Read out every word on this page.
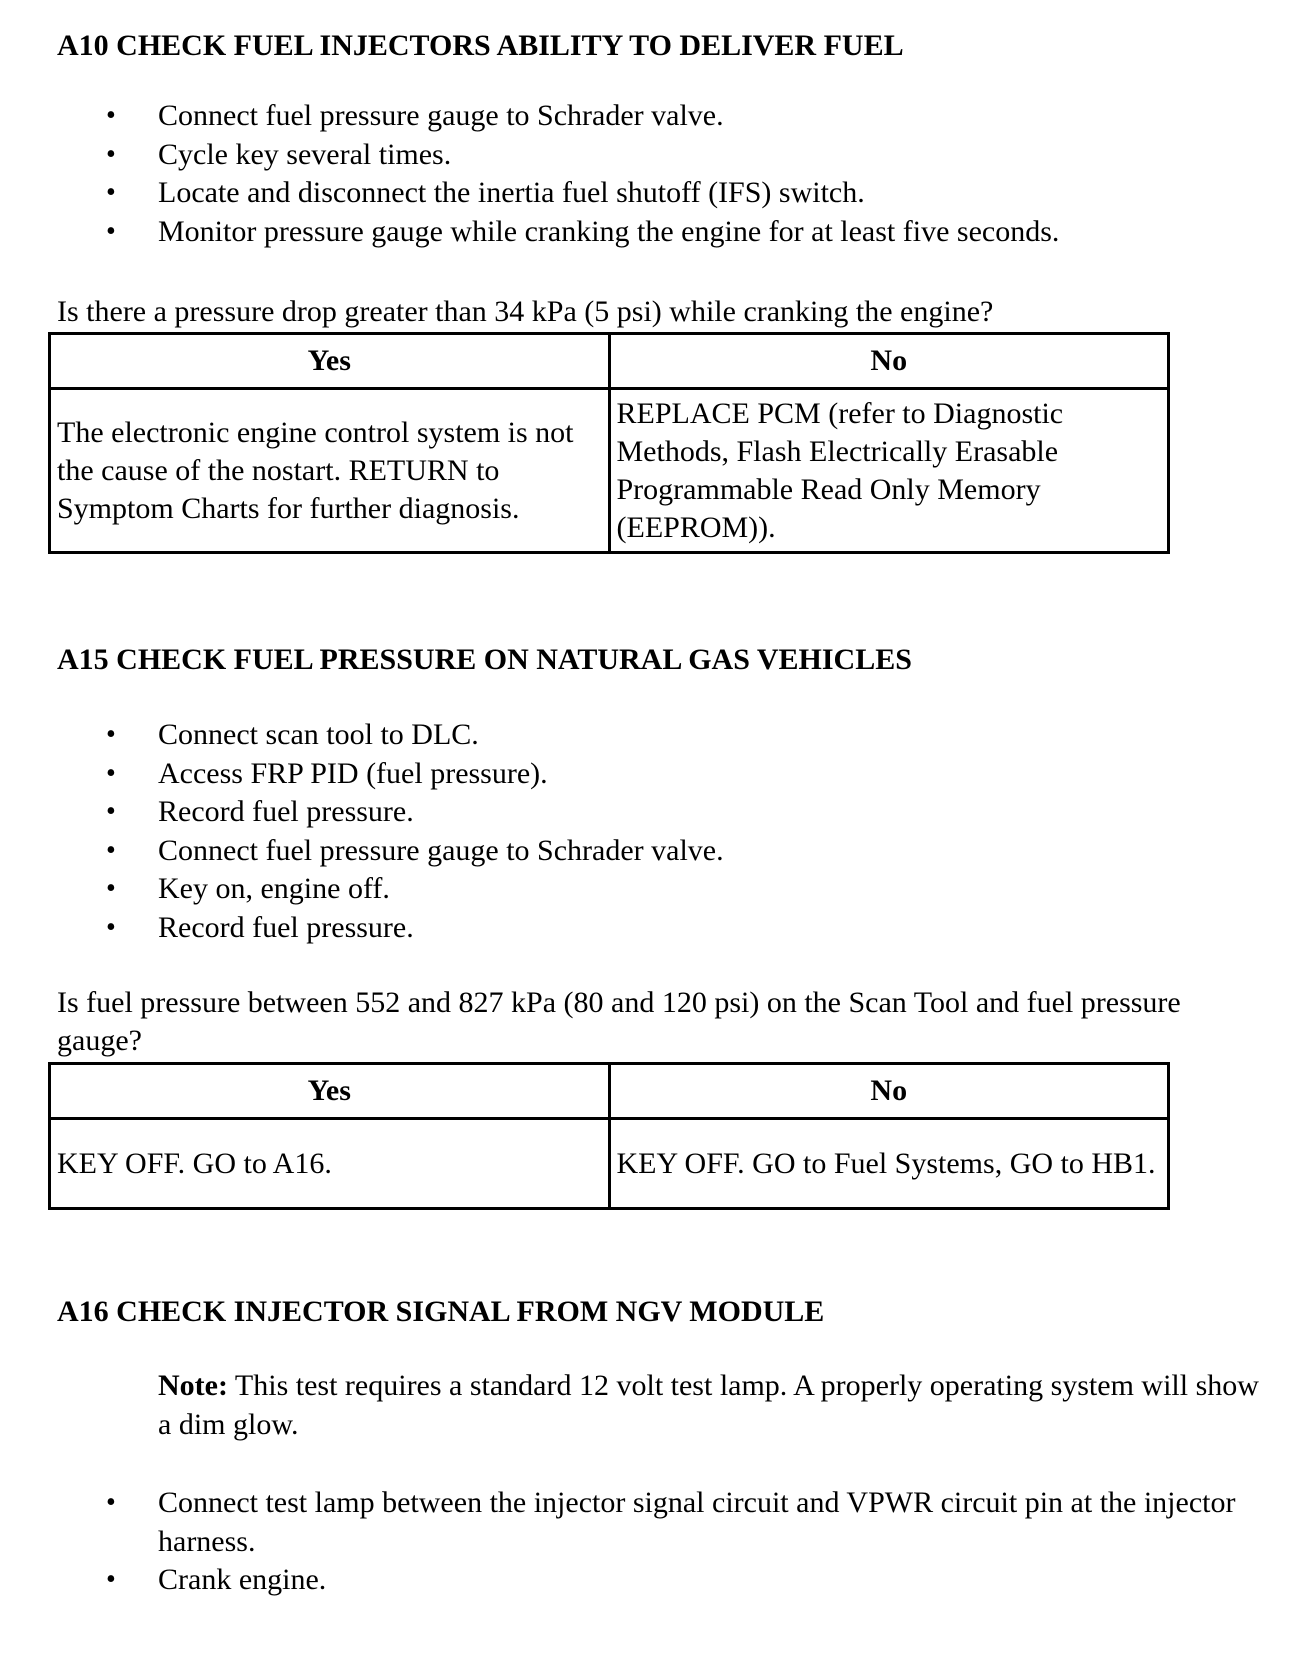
A10 CHECK FUEL INJECTORS ABILITY TO DELIVER FUEL
• Connect fuel pressure gauge to Schrader valve.
• Cycle key several times.
• Locate and disconnect the inertia fuel shutoff (IFS) switch.
• Monitor pressure gauge while cranking the engine for at least five seconds.

Is there a pressure drop greater than 34 kPa (5 psi) while cranking the engine?

Yes	No
The electronic engine control system is not the cause of the nostart. RETURN to Symptom Charts for further diagnosis.	REPLACE PCM (refer to Diagnostic Methods, Flash Electrically Erasable Programmable Read Only Memory (EEPROM)).
A15 CHECK FUEL PRESSURE ON NATURAL GAS VEHICLES
• Connect scan tool to DLC.
• Access FRP PID (fuel pressure).
• Record fuel pressure.
• Connect fuel pressure gauge to Schrader valve.
• Key on, engine off.
• Record fuel pressure.

Is fuel pressure between 552 and 827 kPa (80 and 120 psi) on the Scan Tool and fuel pressure gauge?

Yes	No
KEY OFF. GO to A16.	KEY OFF. GO to Fuel Systems, GO to HB1.
A16 CHECK INJECTOR SIGNAL FROM NGV MODULE

Note: This test requires a standard 12 volt test lamp. A properly operating system will show a dim glow.

• Connect test lamp between the injector signal circuit and VPWR circuit pin at the injector harness.
• Crank engine.
